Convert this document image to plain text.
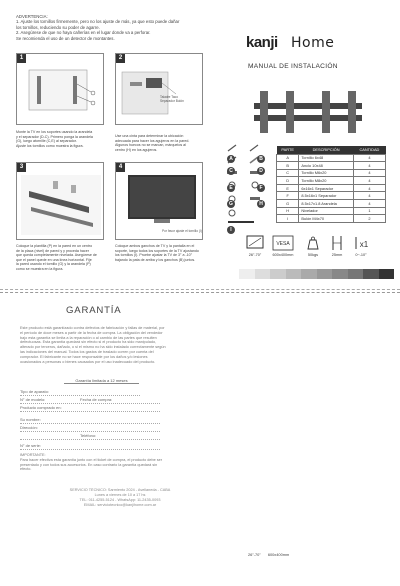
ADVERTENCIA:
1. Ajuste los tornillos firmemente, pero no los ajuste de más, ya que esto puede dañar
los tornillos, reduciendo su poder de agarre.
2. Asegúrese de que no haya cañerías en el lugar donde va a perforar.
Se recomienda el uso de un detector de montantes.	kanji Home
MANUAL DE INSTALACIÓN
1
Monte la TV en los soportes usando la arandela
y el separador (D-C). Primero ponga la arandela
(G), luego atornille (C,E) al separador.
Ajuste los tornillos como muestra la figura.
2
Taladre Taco
Separador Bulón
Use una cinta para determinar la ubicación
adecuada para hacer los agujeros en la pared.
Algunos huecos no se marcan, márquelos al
centro (H) en los agujeros.
3
Coloque la plantilla (P) en la pared en un centro
de la placa (nivel) de pared y y proceda hacer
que queda completamente nivelada. Asegúrese de
que el panel quede en una línea horizontal. Fije
la pared usando el tornillo (G) y la arandela (P)
como se muestra en la figura.
4
Por favor ajuste el tornillo (I)
Coloque ambos ganchos de TV y la pantalla en el
soporte, luego todos los soportes de la TV ajustando
los tornillos (I). Pruebe ajustar la TV de 3° a -10°
bajando la pata de arriba y los ganchos (B) juntos.
A	B
C	D
E	F
G	H
I
PARTE	DESCRIPCIÓN	CANTIDAD
A	Tornillo 6x48	4
B	Anclo 10x48	4
C	Tornillo M6x20	4
D	Tornillo M8x20	4
E	6x16x1 Separador	4
F	8.5x16x1 Separador	4
G	8.5x17x1.8 Arandela	4
H	Nivelador	1
I	Bulón M4x70	2
26"-70"
VESA
600x400mm	50kgs	25mm
x1
0~-10°
GARANTÍA
Este producto está garantizado contra defectos de fabricación y fallas de material, por
el período de doce meses a partir de la fecha de compra. La obligación del vendedor
bajo esta garantía se limita a la reparación o al cambio de las partes que resulten
defectuosas. Esta garantía quedará sin efecto si el producto ha sido manipulado,
alterado por terceros, dañado, o si el mismo no ha sido instalado correctamente según
las indicaciones del manual. Todos los gastos de traslado corren por cuenta del
comprador. El fabricante no se hace responsable por los daños y/o lesiones
ocasionados a personas o bienes causados por el uso inadecuado del producto.
Garantía limitada a 12 meses
Tipo de aparato:
N° de modelo:	Fecha de compra:
Producto comprado en:
Su nombre:
Dirección:
Teléfono:
N° de serie:
IMPORTANTE:
Para hacer efectiva esta garantía junto con el ticket de compra, el producto debe ser
presentado y con todos sus accesorios. En caso contrario la garantía quedará sin
efecto.
SERVICIO TÉCNICO: Sarmiento 2024 - Avellaneda - CABA
Lunes a viernes de 10 a 17 hs
TEL: 011-4255-5124 - WhatsApp: 11-2435-0093
EMAIL: serviciotecnico@kanjihome.com.ar
26"-70" 600x400mm
